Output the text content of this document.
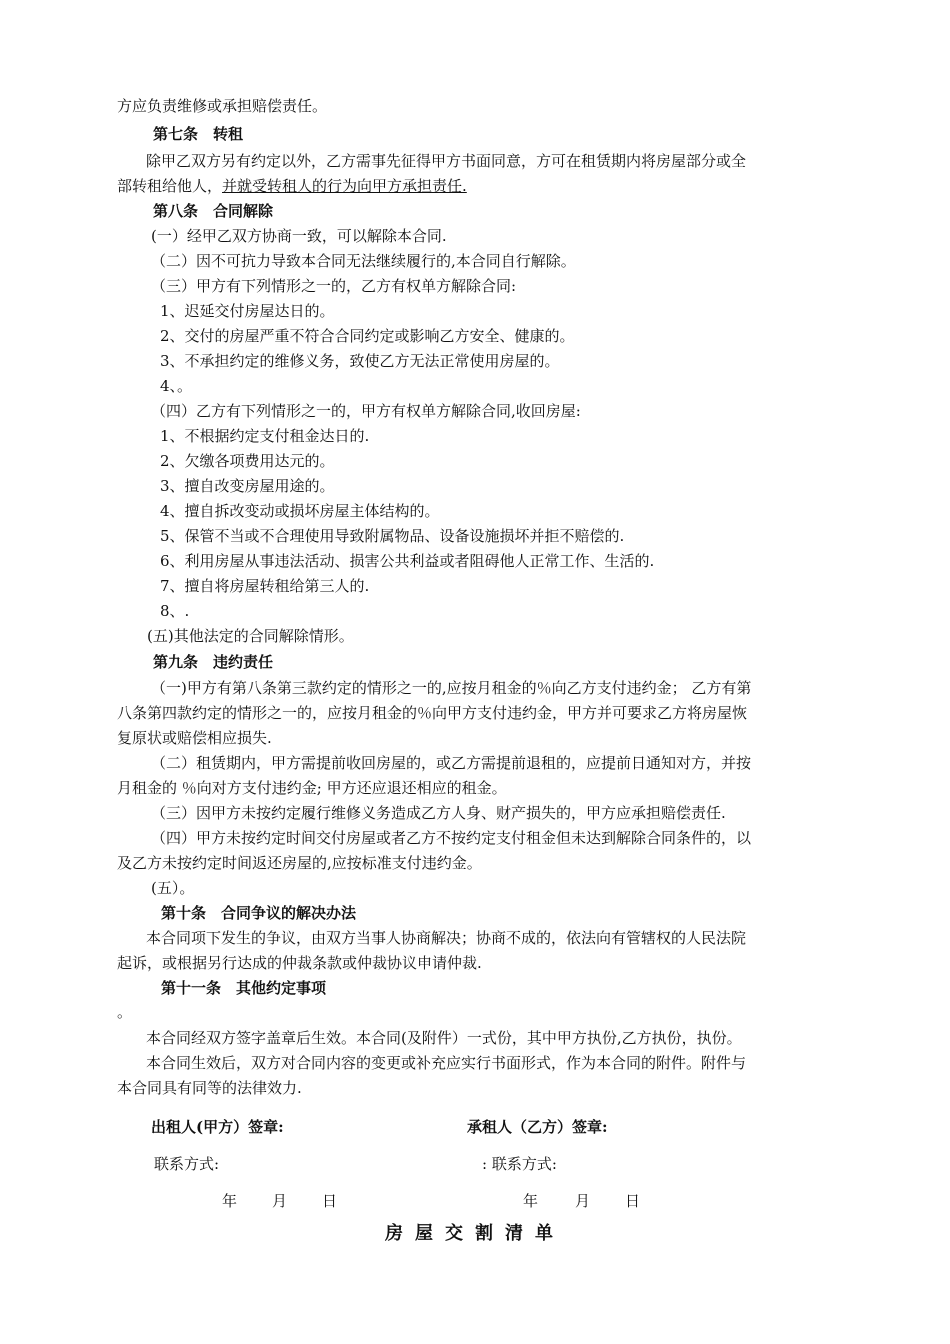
方应负责维修或承担赔偿责任。
第七条　转租
除甲乙双方另有约定以外，乙方需事先征得甲方书面同意，方可在租赁期内将房屋部分或全
部转租给他人，并就受转租人的行为向甲方承担责任.
第八条　合同解除
(一）经甲乙双方协商一致，可以解除本合同.
（二）因不可抗力导致本合同无法继续履行的,本合同自行解除。
（三）甲方有下列情形之一的，乙方有权单方解除合同:
1、迟延交付房屋达日的。
2、交付的房屋严重不符合合同约定或影响乙方安全、健康的。
3、不承担约定的维修义务，致使乙方无法正常使用房屋的。
4、。
（四）乙方有下列情形之一的，甲方有权单方解除合同,收回房屋:
1、不根据约定支付租金达日的.
2、欠缴各项费用达元的。
3、擅自改变房屋用途的。
4、擅自拆改变动或损坏房屋主体结构的。
5、保管不当或不合理使用导致附属物品、设备设施损坏并拒不赔偿的.
6、利用房屋从事违法活动、损害公共利益或者阻碍他人正常工作、生活的.
7、擅自将房屋转租给第三人的.
8、.
(五)其他法定的合同解除情形。
第九条　违约责任
（一)甲方有第八条第三款约定的情形之一的,应按月租金的％向乙方支付违约金； 乙方有第
八条第四款约定的情形之一的，应按月租金的％向甲方支付违约金，甲方并可要求乙方将房屋恢
复原状或赔偿相应损失.
（二）租赁期内，甲方需提前收回房屋的，或乙方需提前退租的，应提前日通知对方，并按
月租金的 ％向对方支付违约金; 甲方还应退还相应的租金。
（三）因甲方未按约定履行维修义务造成乙方人身、财产损失的，甲方应承担赔偿责任.
（四）甲方未按约定时间交付房屋或者乙方不按约定支付租金但未达到解除合同条件的，以
及乙方未按约定时间返还房屋的,应按标准支付违约金。
(五）。
第十条　合同争议的解决办法
本合同项下发生的争议，由双方当事人协商解决；协商不成的，依法向有管辖权的人民法院
起诉，或根据另行达成的仲裁条款或仲裁协议申请仲裁.
第十一条　其他约定事项
。
本合同经双方签字盖章后生效。本合同(及附件）一式份，其中甲方执份,乙方执份，执份。
本合同生效后，双方对合同内容的变更或补充应实行书面形式，作为本合同的附件。附件与
本合同具有同等的法律效力.
出租人(甲方）签章:	承租人（乙方）签章:
联系方式:	: 联系方式:
年 月 日	年 月 日
房屋交割清单
